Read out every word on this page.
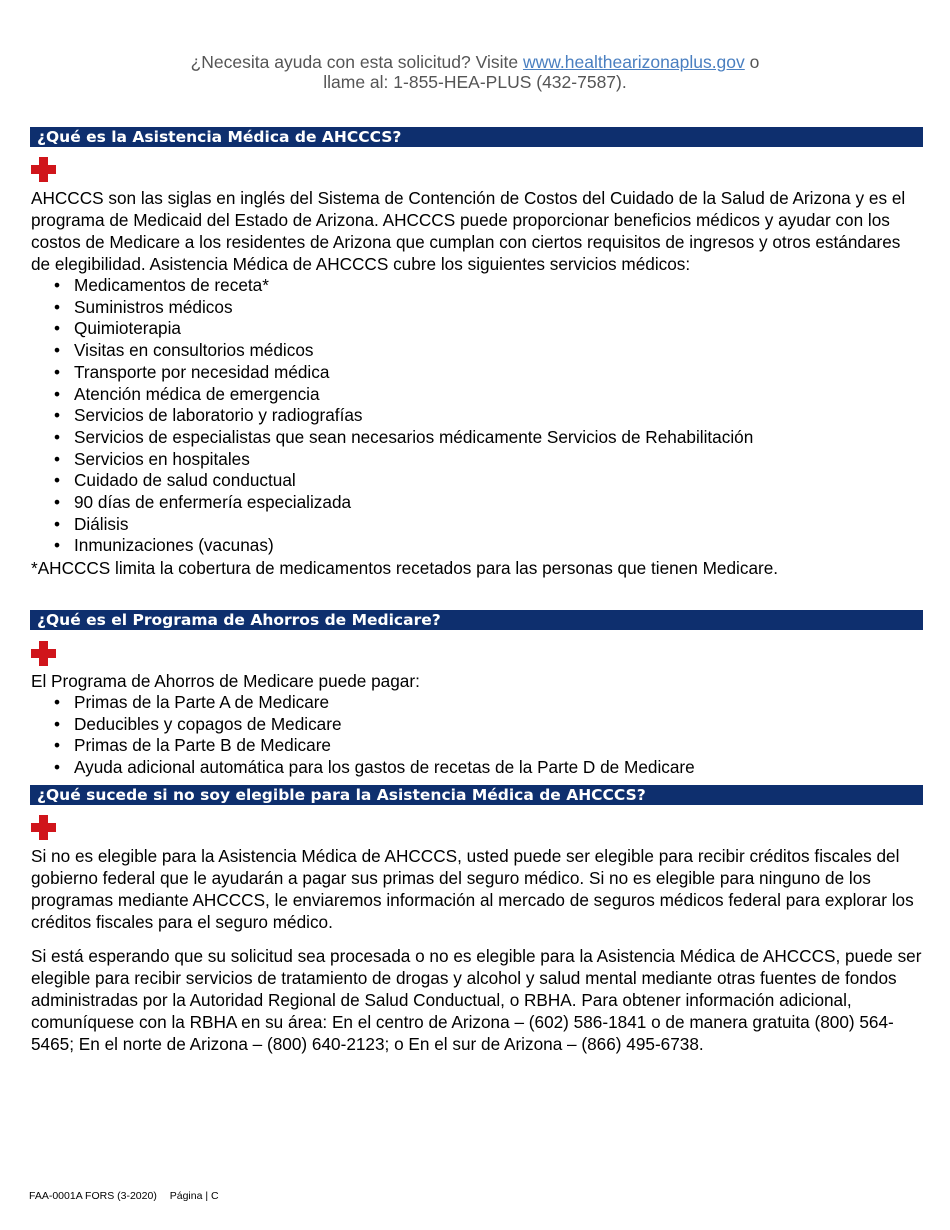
¿Necesita ayuda con esta solicitud? Visite www.healthearizonaplus.gov o
llame al: 1-855-HEA-PLUS (432-7587).
¿Qué es la Asistencia Médica de AHCCCS?

AHCCCS son las siglas en inglés del Sistema de Contención de Costos del Cuidado de la Salud de Arizona y es el programa de Medicaid del Estado de Arizona. AHCCCS puede proporcionar beneficios médicos y ayudar con los costos de Medicare a los residentes de Arizona que cumplan con ciertos requisitos de ingresos y otros estándares de elegibilidad. Asistencia Médica de AHCCCS cubre los siguientes servicios médicos:

• Medicamentos de receta*
• Suministros médicos
• Quimioterapia
• Visitas en consultorios médicos
• Transporte por necesidad médica
• Atención médica de emergencia
• Servicios de laboratorio y radiografías
• Servicios de especialistas que sean necesarios médicamente Servicios de Rehabilitación
• Servicios en hospitales
• Cuidado de salud conductual
• 90 días de enfermería especializada
• Diálisis
• Inmunizaciones (vacunas)

*AHCCCS limita la cobertura de medicamentos recetados para las personas que tienen Medicare.

¿Qué es el Programa de Ahorros de Medicare?

El Programa de Ahorros de Medicare puede pagar:

• Primas de la Parte A de Medicare
• Deducibles y copagos de Medicare
• Primas de la Parte B de Medicare
• Ayuda adicional automática para los gastos de recetas de la Parte D de Medicare
¿Qué sucede si no soy elegible para la Asistencia Médica de AHCCCS?

Si no es elegible para la Asistencia Médica de AHCCCS, usted puede ser elegible para recibir créditos fiscales del gobierno federal que le ayudarán a pagar sus primas del seguro médico. Si no es elegible para ninguno de los programas mediante AHCCCS, le enviaremos información al mercado de seguros médicos federal para explorar los créditos fiscales para el seguro médico.

Si está esperando que su solicitud sea procesada o no es elegible para la Asistencia Médica de AHCCCS, puede ser elegible para recibir servicios de tratamiento de drogas y alcohol y salud mental mediante otras fuentes de fondos administradas por la Autoridad Regional de Salud Conductual, o RBHA. Para obtener información adicional, comuníquese con la RBHA en su área: En el centro de Arizona – (602) 586-1841 o de manera gratuita (800) 564-5465; En el norte de Arizona – (800) 640-2123; o En el sur de Arizona – (866) 495-6738.

FAA-0001A FORS (3-2020) Página | C
